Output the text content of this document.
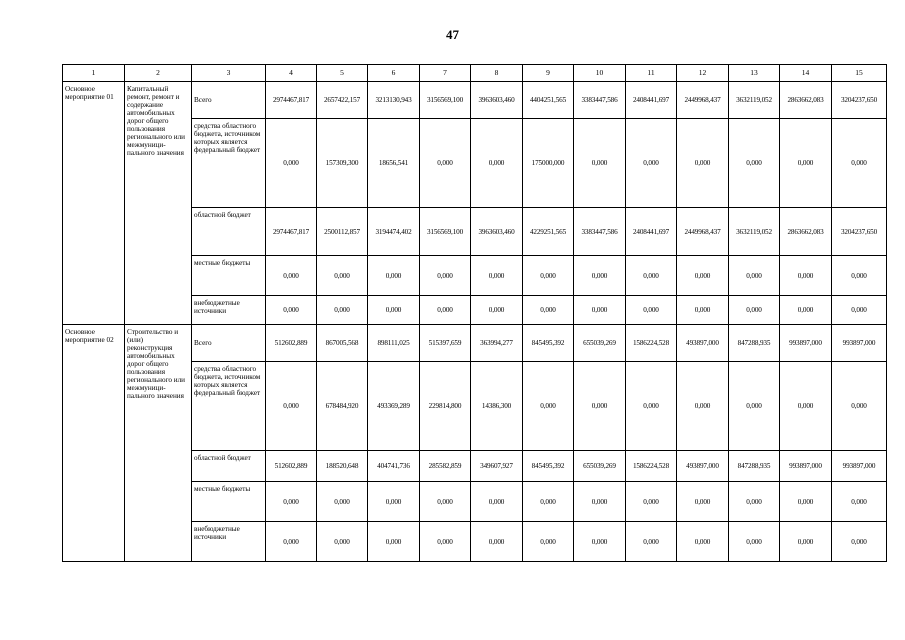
47
1	2	3	4	5	6	7	8	9	10	11	12	13	14	15
Основное мероприятие 01	Капитальный ремонт, ремонт и содержание автомобильных дорог общего пользования регионального или межмуници-пального значения	Всего	2974467,817	2657422,157	3213130,943	3156569,100	3963603,460	4404251,565	3383447,586	2408441,697	2449968,437	3632119,052	2863662,083	3204237,650
		средства областного бюджета, источником которых является федеральный бюджет	0,000	157309,300	18656,541	0,000	0,000	175000,000	0,000	0,000	0,000	0,000	0,000	0,000
		областной бюджет	2974467,817	2500112,857	3194474,402	3156569,100	3963603,460	4229251,565	3383447,586	2408441,697	2449968,437	3632119,052	2863662,083	3204237,650
		местные бюджеты	0,000	0,000	0,000	0,000	0,000	0,000	0,000	0,000	0,000	0,000	0,000	0,000
		внебюджетные источники	0,000	0,000	0,000	0,000	0,000	0,000	0,000	0,000	0,000	0,000	0,000	0,000
Основное мероприятие 02	Строительство и (или) реконструкция автомобильных дорог общего пользования регионального или межмуници-пального значения	Всего	512602,889	867005,568	898111,025	515397,659	363994,277	845495,392	655039,269	1586224,528	493897,000	847288,935	993897,000	993897,000
		средства областного бюджета, источником которых является федеральный бюджет	0,000	678484,920	493369,289	229814,800	14386,300	0,000	0,000	0,000	0,000	0,000	0,000	0,000
		областной бюджет	512602,889	188520,648	404741,736	285582,859	349607,927	845495,392	655039,269	1586224,528	493897,000	847288,935	993897,000	993897,000
		местные бюджеты	0,000	0,000	0,000	0,000	0,000	0,000	0,000	0,000	0,000	0,000	0,000	0,000
		внебюджетные источники	0,000	0,000	0,000	0,000	0,000	0,000	0,000	0,000	0,000	0,000	0,000	0,000
